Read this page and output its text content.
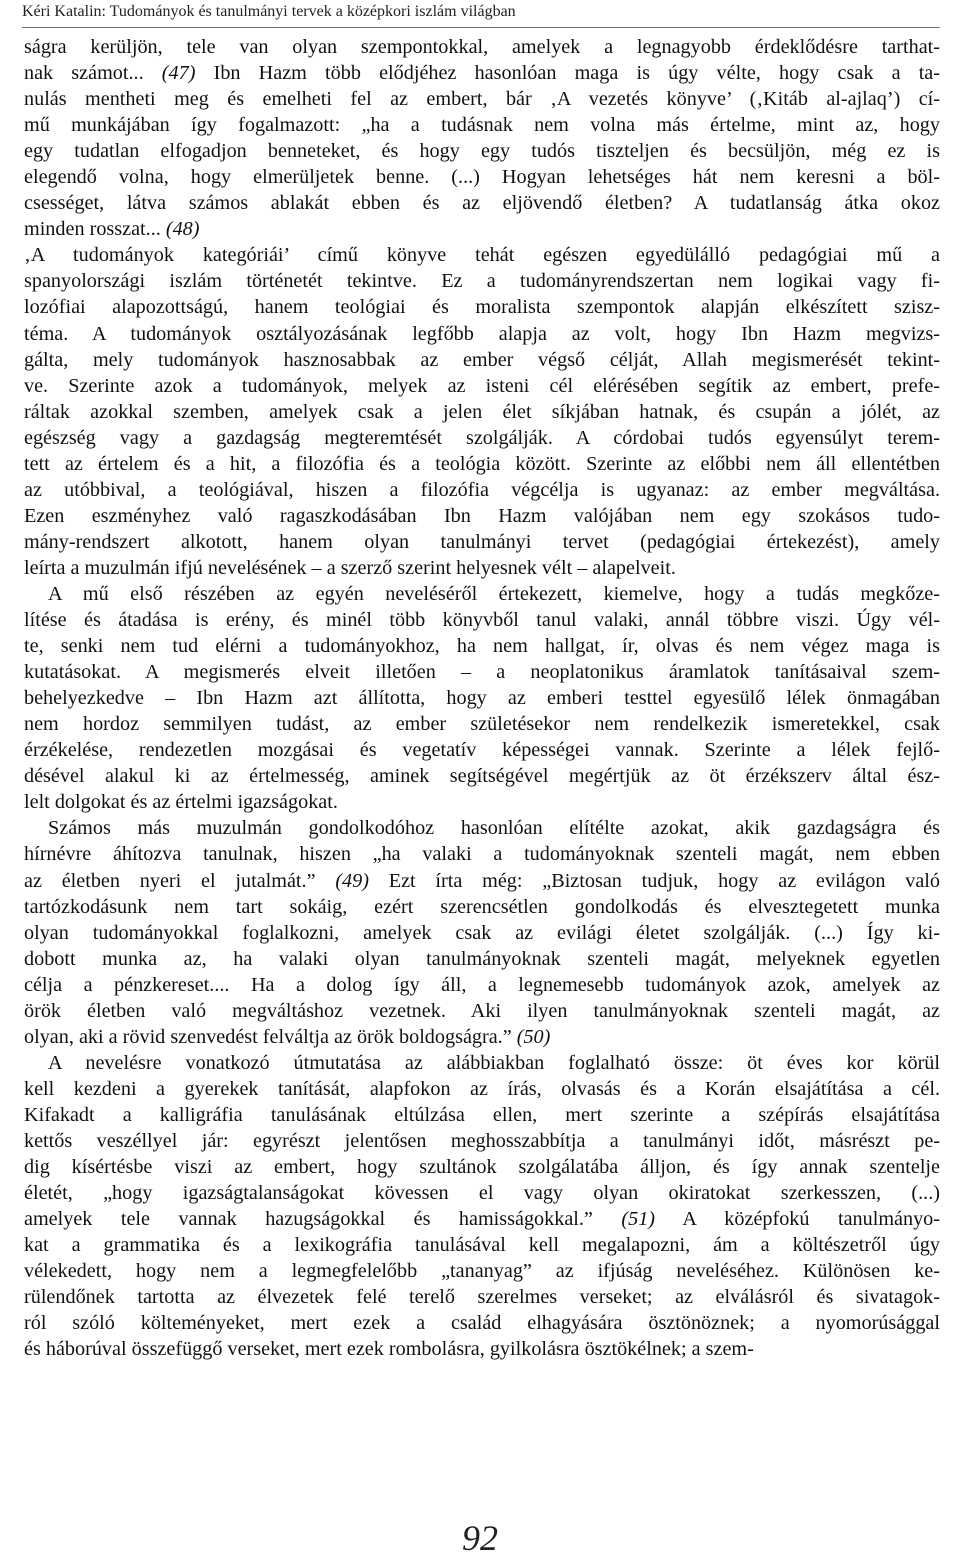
Kéri Katalin: Tudományok és tanulmányi tervek a középkori iszlám világban
ságra kerüljön, tele van olyan szempontokkal, amelyek a legnagyobb érdeklődésre tarthat-
nak számot... (47) Ibn Hazm több elődjéhez hasonlóan maga is úgy vélte, hogy csak a ta-
nulás mentheti meg és emelheti fel az embert, bár ‚A vezetés könyve’ (‚Kitáb al-ajlaq’) cí-
mű munkájában így fogalmazott: „ha a tudásnak nem volna más értelme, mint az, hogy
egy tudatlan elfogadjon benneteket, és hogy egy tudós tiszteljen és becsüljön, még ez is
elegendő volna, hogy elmerüljetek benne. (...) Hogyan lehetséges hát nem keresni a böl-
csességet, látva számos ablakát ebben és az eljövendő életben? A tudatlanság átka okoz
minden rosszat... (48)
‚A tudományok kategóriái’ című könyve tehát egészen egyedülálló pedagógiai mű a
spanyolországi iszlám történetét tekintve. Ez a tudományrendszertan nem logikai vagy fi-
lozófiai alapozottságú, hanem teológiai és moralista szempontok alapján elkészített szisz-
téma. A tudományok osztályozásának legfőbb alapja az volt, hogy Ibn Hazm megvizs-
gálta, mely tudományok hasznosabbak az ember végső célját, Allah megismerését tekint-
ve. Szerinte azok a tudományok, melyek az isteni cél elérésében segítik az embert, prefe-
ráltak azokkal szemben, amelyek csak a jelen élet síkjában hatnak, és csupán a jólét, az
egészség vagy a gazdagság megteremtését szolgálják. A córdobai tudós egyensúlyt terem-
tett az értelem és a hit, a filozófia és a teológia között. Szerinte az előbbi nem áll ellentétben
az utóbbival, a teológiával, hiszen a filozófia végcélja is ugyanaz: az ember megváltása.
Ezen eszményhez való ragaszkodásában Ibn Hazm valójában nem egy szokásos tudo-
mány-rendszert alkotott, hanem olyan tanulmányi tervet (pedagógiai értekezést), amely
leírta a muzulmán ifjú nevelésének – a szerző szerint helyesnek vélt – alapelveit.
A mű első részében az egyén neveléséről értekezett, kiemelve, hogy a tudás megkőze-
lítése és átadása is erény, és minél több könyvből tanul valaki, annál többre viszi. Úgy vél-
te, senki nem tud elérni a tudományokhoz, ha nem hallgat, ír, olvas és nem végez maga is
kutatásokat. A megismerés elveit illetően – a neoplatonikus áramlatok tanításaival szem-
behelyezkedve – Ibn Hazm azt állította, hogy az emberi testtel egyesülő lélek önmagában
nem hordoz semmilyen tudást, az ember születésekor nem rendelkezik ismeretekkel, csak
érzékelése, rendezetlen mozgásai és vegetatív képességei vannak. Szerinte a lélek fejlő-
désével alakul ki az értelmesség, aminek segítségével megértjük az öt érzékszerv által ész-
lelt dolgokat és az értelmi igazságokat.
Számos más muzulmán gondolkodóhoz hasonlóan elítélte azokat, akik gazdagságra és
hírnévre áhítozva tanulnak, hiszen „ha valaki a tudományoknak szenteli magát, nem ebben
az életben nyeri el jutalmát.” (49) Ezt írta még: „Biztosan tudjuk, hogy az evilágon való
tartózkodásunk nem tart sokáig, ezért szerencsétlen gondolkodás és elvesztegetett munka
olyan tudományokkal foglalkozni, amelyek csak az evilági életet szolgálják. (...) Így ki-
dobott munka az, ha valaki olyan tanulmányoknak szenteli magát, melyeknek egyetlen
célja a pénzkereset.... Ha a dolog így áll, a legnemesebb tudományok azok, amelyek az
örök életben való megváltáshoz vezetnek. Aki ilyen tanulmányoknak szenteli magát, az
olyan, aki a rövid szenvedést felváltja az örök boldogságra.” (50)
A nevelésre vonatkozó útmutatása az alábbiakban foglalható össze: öt éves kor körül
kell kezdeni a gyerekek tanítását, alapfokon az írás, olvasás és a Korán elsajátítása a cél.
Kifakadt a kalligráfia tanulásának eltúlzása ellen, mert szerinte a szépírás elsajátítása
kettős veszéllyel jár: egyrészt jelentősen meghosszabbítja a tanulmányi időt, másrészt pe-
dig kísértésbe viszi az embert, hogy szultánok szolgálatába álljon, és így annak szentelje
életét, „hogy igazságtalanságokat kövessen el vagy olyan okiratokat szerkesszen, (...)
amelyek tele vannak hazugságokkal és hamisságokkal.” (51) A középfokú tanulmányo-
kat a grammatika és a lexikográfia tanulásával kell megalapozni, ám a költészetről úgy
vélekedett, hogy nem a legmegfelelőbb „tananyag” az ifjúság neveléséhez. Különösen ke-
rülendőnek tartotta az élvezetek felé terelő szerelmes verseket; az elválásról és sivatagok-
ról szóló költeményeket, mert ezek a család elhagyására ösztönöznek; a nyomorúsággal
és háborúval összefüggő verseket, mert ezek rombolásra, gyilkolásra ösztökélnek; a szem-
92
